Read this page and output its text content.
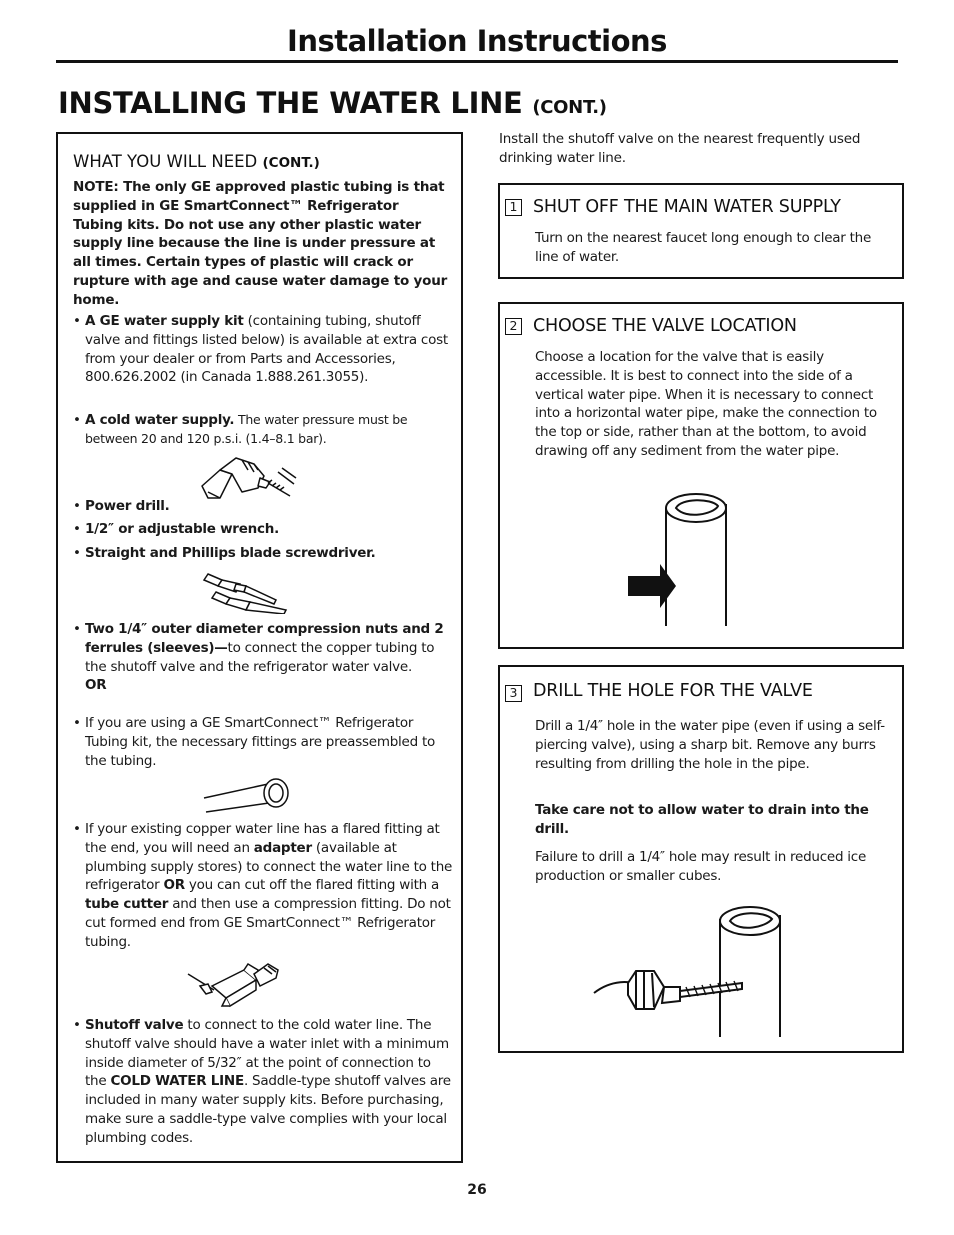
Installation Instructions
INSTALLING THE WATER LINE (CONT.)
WHAT YOU WILL NEED (CONT.)
NOTE: The only GE approved plastic tubing is that supplied in GE SmartConnect™ Refrigerator Tubing kits. Do not use any other plastic water supply line because the line is under pressure at all times. Certain types of plastic will crack or rupture with age and cause water damage to your home.
• A GE water supply kit (containing tubing, shutoff valve and fittings listed below) is available at extra cost from your dealer or from Parts and Accessories, 800.626.2002 (in Canada 1.888.261.3055).
• A cold water supply. The water pressure must be between 20 and 120 p.s.i. (1.4–8.1 bar).
• Power drill.
• 1/2″ or adjustable wrench.
• Straight and Phillips blade screwdriver.
• Two 1/4″ outer diameter compression nuts and 2 ferrules (sleeves)—to connect the copper tubing to the shutoff valve and the refrigerator water valve.
OR
• If you are using a GE SmartConnect™ Refrigerator Tubing kit, the necessary fittings are preassembled to the tubing.
• If your existing copper water line has a flared fitting at the end, you will need an adapter (available at plumbing supply stores) to connect the water line to the refrigerator OR you can cut off the flared fitting with a tube cutter and then use a compression fitting. Do not cut formed end from GE SmartConnect™ Refrigerator tubing.
• Shutoff valve to connect to the cold water line. The shutoff valve should have a water inlet with a minimum inside diameter of 5/32″ at the point of connection to the COLD WATER LINE. Saddle-type shutoff valves are included in many water supply kits. Before purchasing, make sure a saddle-type valve complies with your local plumbing codes.
Install the shutoff valve on the nearest frequently used drinking water line.
1 SHUT OFF THE MAIN WATER SUPPLY
Turn on the nearest faucet long enough to clear the line of water.
2 CHOOSE THE VALVE LOCATION
Choose a location for the valve that is easily accessible. It is best to connect into the side of a vertical water pipe. When it is necessary to connect into a horizontal water pipe, make the connection to the top or side, rather than at the bottom, to avoid drawing off any sediment from the water pipe.
3 DRILL THE HOLE FOR THE VALVE
Drill a 1/4″ hole in the water pipe (even if using a self-piercing valve), using a sharp bit. Remove any burrs resulting from drilling the hole in the pipe.
Take care not to allow water to drain into the drill.
Failure to drill a 1/4″ hole may result in reduced ice production or smaller cubes.
26
